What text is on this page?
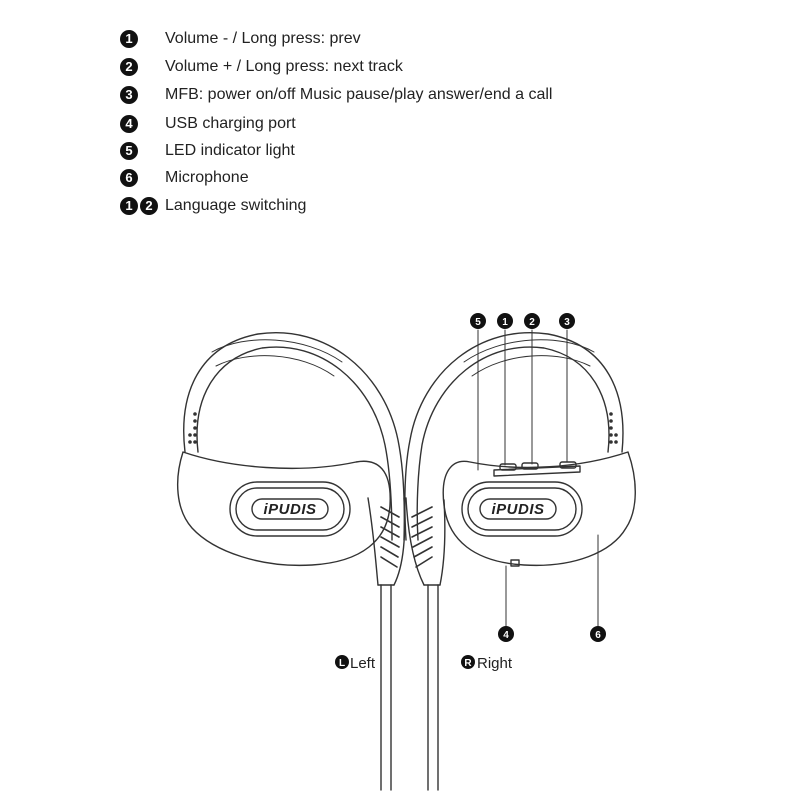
1	Volume - / Long press: prev
2	Volume + / Long press: next track
3	MFB: power on/off Music pause/play answer/end a call
4	USB charging port
5	LED indicator light
6	Microphone
1 2 Language switching
iPUDIS	iPUDIS
5 1 2	3
4	6
L Left	R Right
